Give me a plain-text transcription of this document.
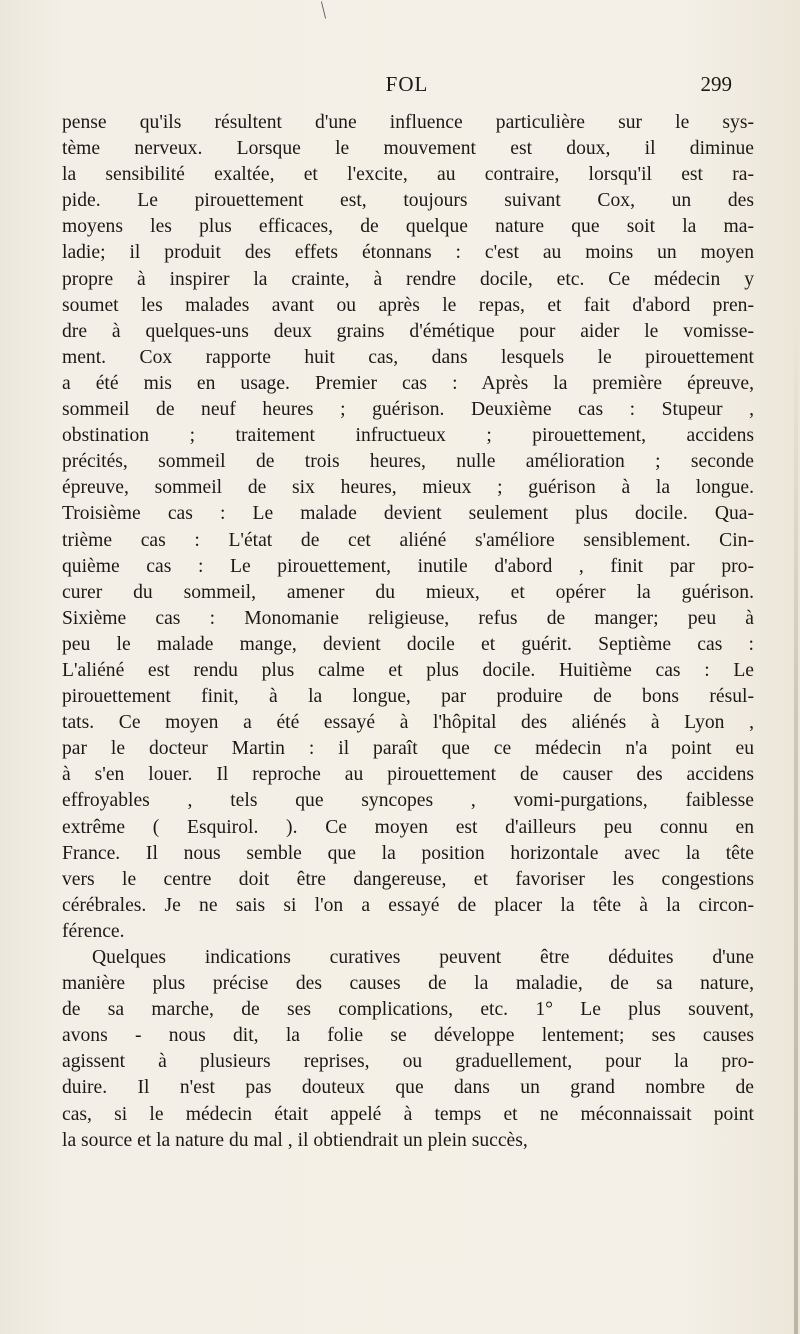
\
FOL	299
pense qu'ils résultent d'une influence particulière sur le sys-
tème nerveux. Lorsque le mouvement est doux, il diminue
la sensibilité exaltée, et l'excite, au contraire, lorsqu'il est ra-
pide. Le pirouettement est, toujours suivant Cox, un des
moyens les plus efficaces, de quelque nature que soit la ma-
ladie; il produit des effets étonnans : c'est au moins un moyen
propre à inspirer la crainte, à rendre docile, etc. Ce médecin y
soumet les malades avant ou après le repas, et fait d'abord pren-
dre à quelques-uns deux grains d'émétique pour aider le vomisse-
ment. Cox rapporte huit cas, dans lesquels le pirouettement
a été mis en usage. Premier cas : Après la première épreuve,
sommeil de neuf heures ; guérison. Deuxième cas : Stupeur ,
obstination ; traitement infructueux ; pirouettement, accidens
précités, sommeil de trois heures, nulle amélioration ; seconde
épreuve, sommeil de six heures, mieux ; guérison à la longue.
Troisième cas : Le malade devient seulement plus docile. Qua-
trième cas : L'état de cet aliéné s'améliore sensiblement. Cin-
quième cas : Le pirouettement, inutile d'abord , finit par pro-
curer du sommeil, amener du mieux, et opérer la guérison.
Sixième cas : Monomanie religieuse, refus de manger; peu à
peu le malade mange, devient docile et guérit. Septième cas :
L'aliéné est rendu plus calme et plus docile. Huitième cas : Le
pirouettement finit, à la longue, par produire de bons résul-
tats. Ce moyen a été essayé à l'hôpital des aliénés à Lyon ,
par le docteur Martin : il paraît que ce médecin n'a point eu
à s'en louer. Il reproche au pirouettement de causer des accidens
effroyables , tels que syncopes , vomi-purgations, faiblesse
extrême ( Esquirol. ). Ce moyen est d'ailleurs peu connu en
France. Il nous semble que la position horizontale avec la tête
vers le centre doit être dangereuse, et favoriser les congestions
cérébrales. Je ne sais si l'on a essayé de placer la tête à la circon-
férence.
Quelques indications curatives peuvent être déduites d'une
manière plus précise des causes de la maladie, de sa nature,
de sa marche, de ses complications, etc. 1° Le plus souvent,
avons - nous dit, la folie se développe lentement; ses causes
agissent à plusieurs reprises, ou graduellement, pour la pro-
duire. Il n'est pas douteux que dans un grand nombre de
cas, si le médecin était appelé à temps et ne méconnaissait point
la source et la nature du mal , il obtiendrait un plein succès,
